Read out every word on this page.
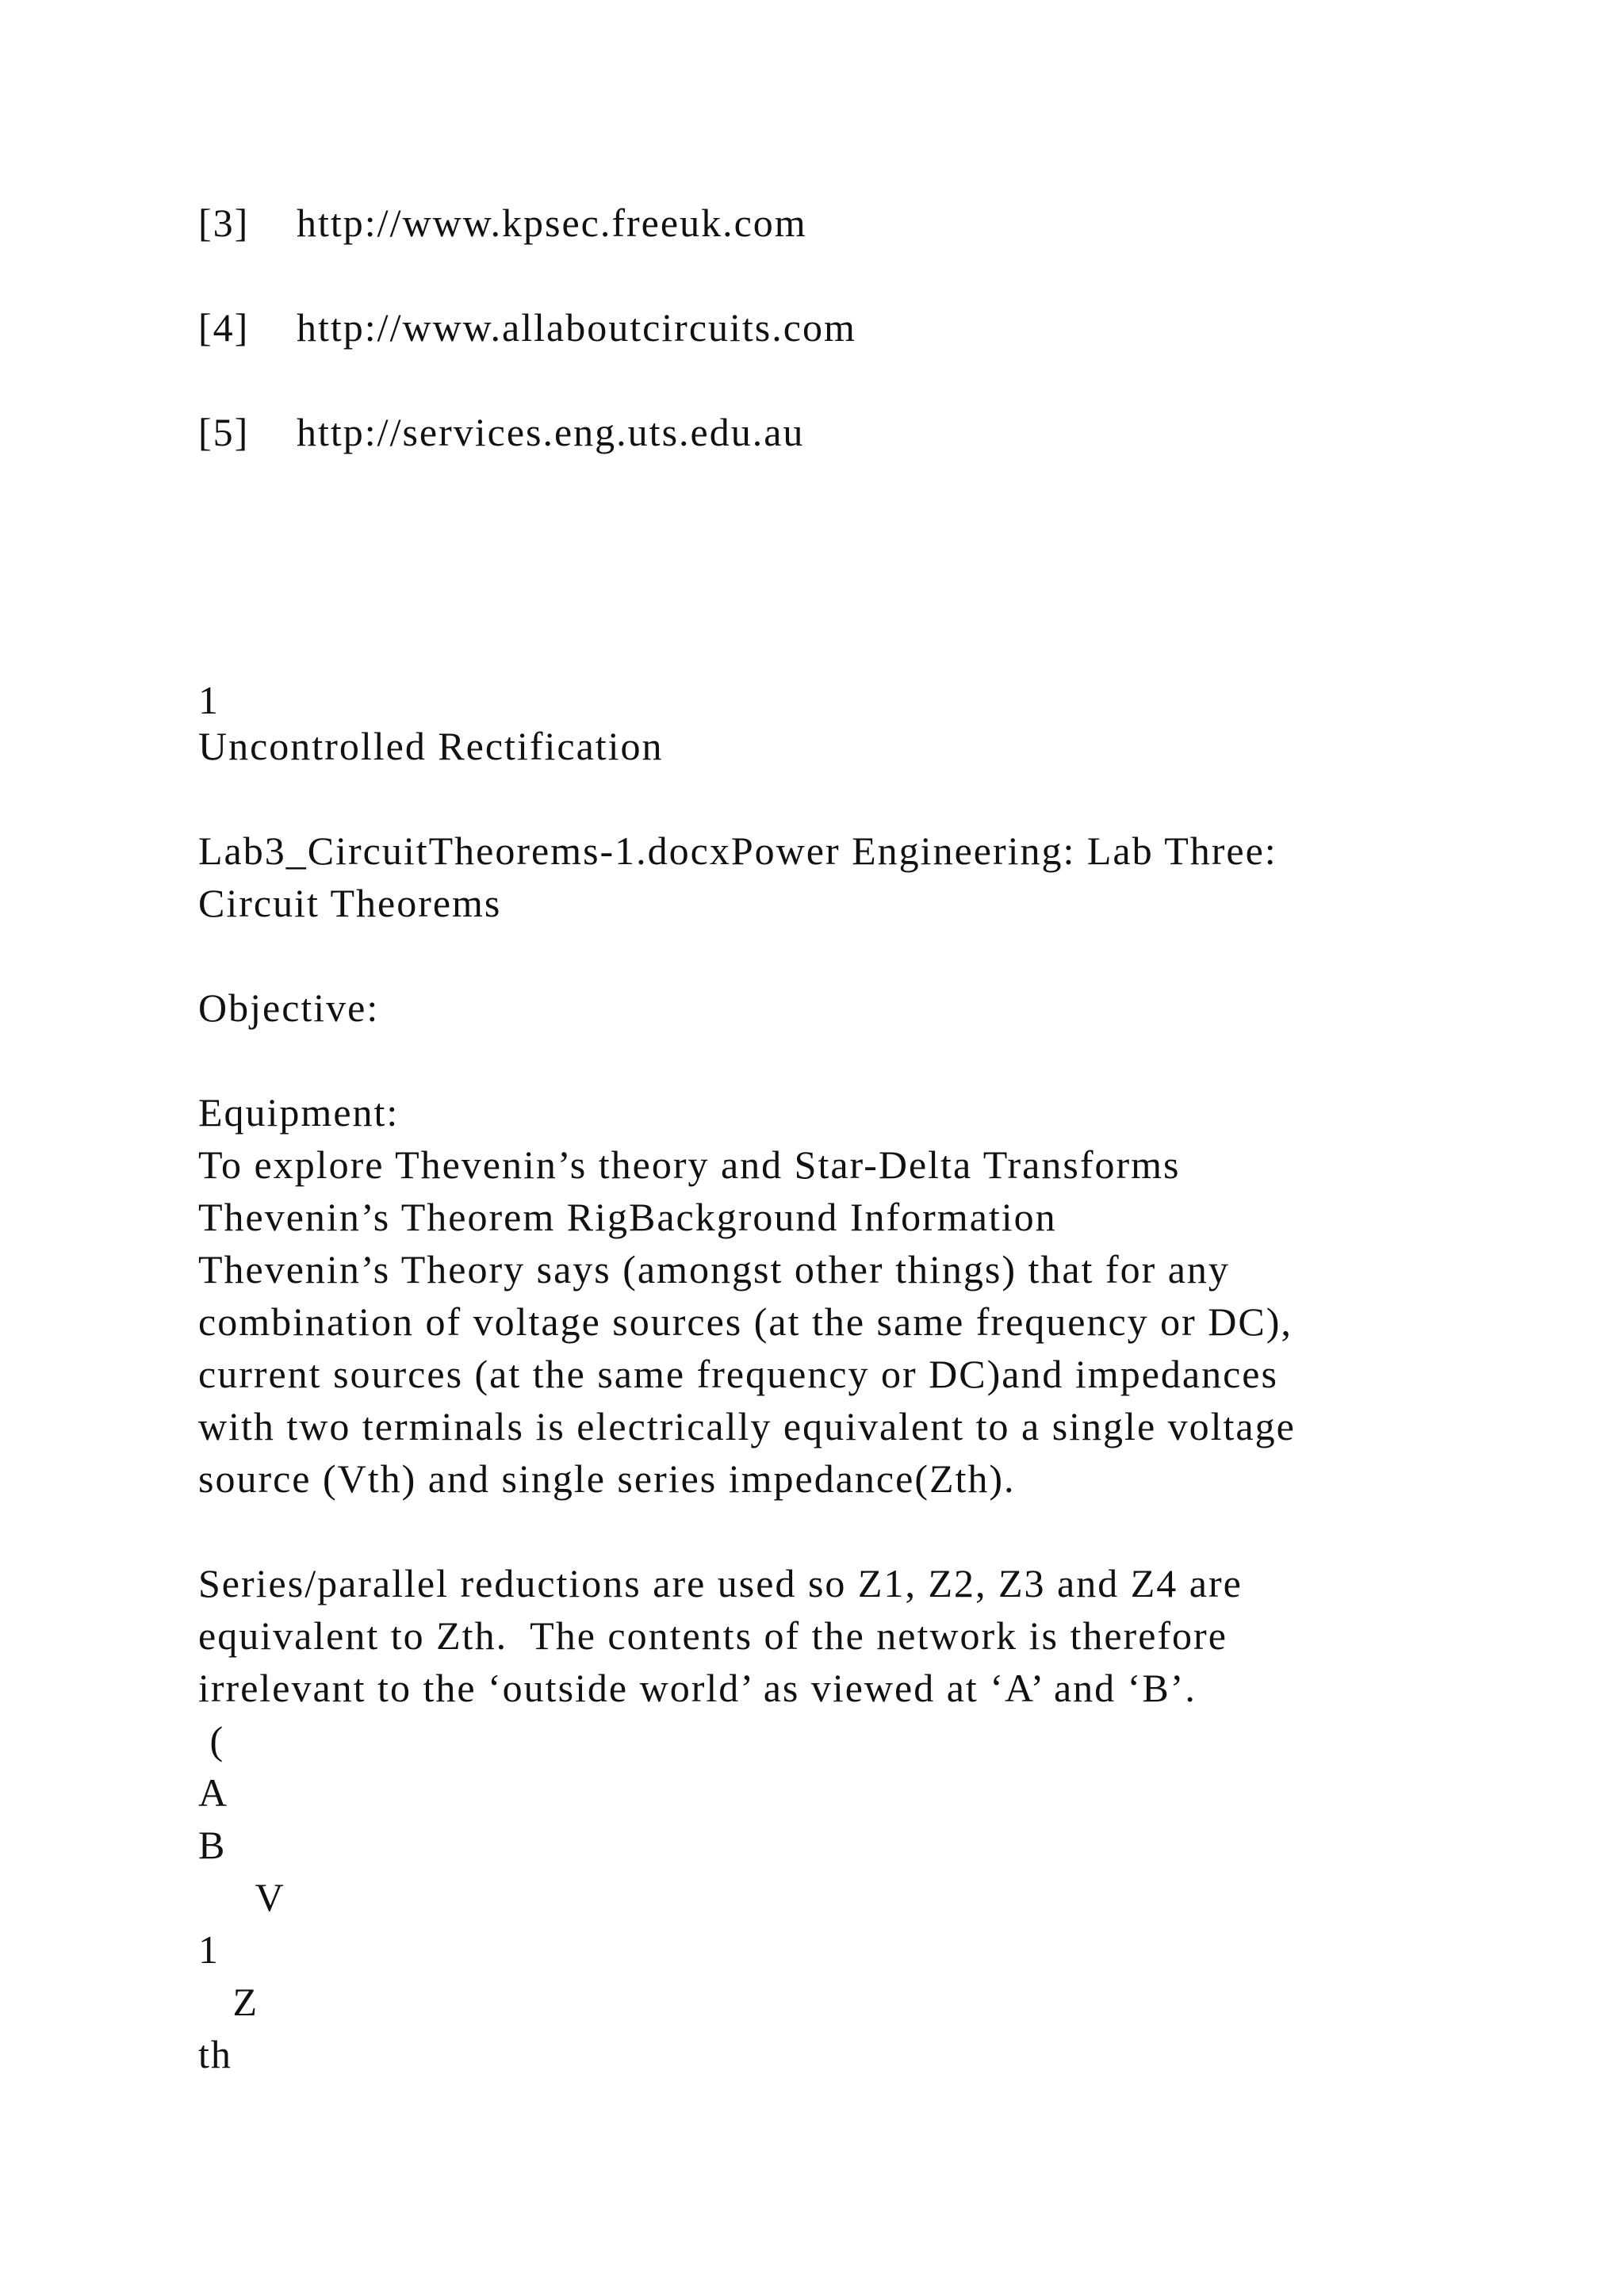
[3] http://www.kpsec.freeuk.com
[4] http://www.allaboutcircuits.com
[5] http://services.eng.uts.edu.au
1
Uncontrolled Rectification
Lab3_CircuitTheorems-1.docxPower Engineering: Lab Three:
Circuit Theorems
Objective:
Equipment:
To explore Thevenin’s theory and Star-Delta Transforms
Thevenin’s Theorem RigBackground Information
Thevenin’s Theory says (amongst other things) that for any
combination of voltage sources (at the same frequency or DC),
current sources (at the same frequency or DC)and impedances
with two terminals is electrically equivalent to a single voltage
source (Vth) and single series impedance(Zth).
Series/parallel reductions are used so Z1, Z2, Z3 and Z4 are
equivalent to Zth.  The contents of the network is therefore
irrelevant to the ‘outside world’ as viewed at ‘A’ and ‘B’.
(
A
B
V
1
Z
th
